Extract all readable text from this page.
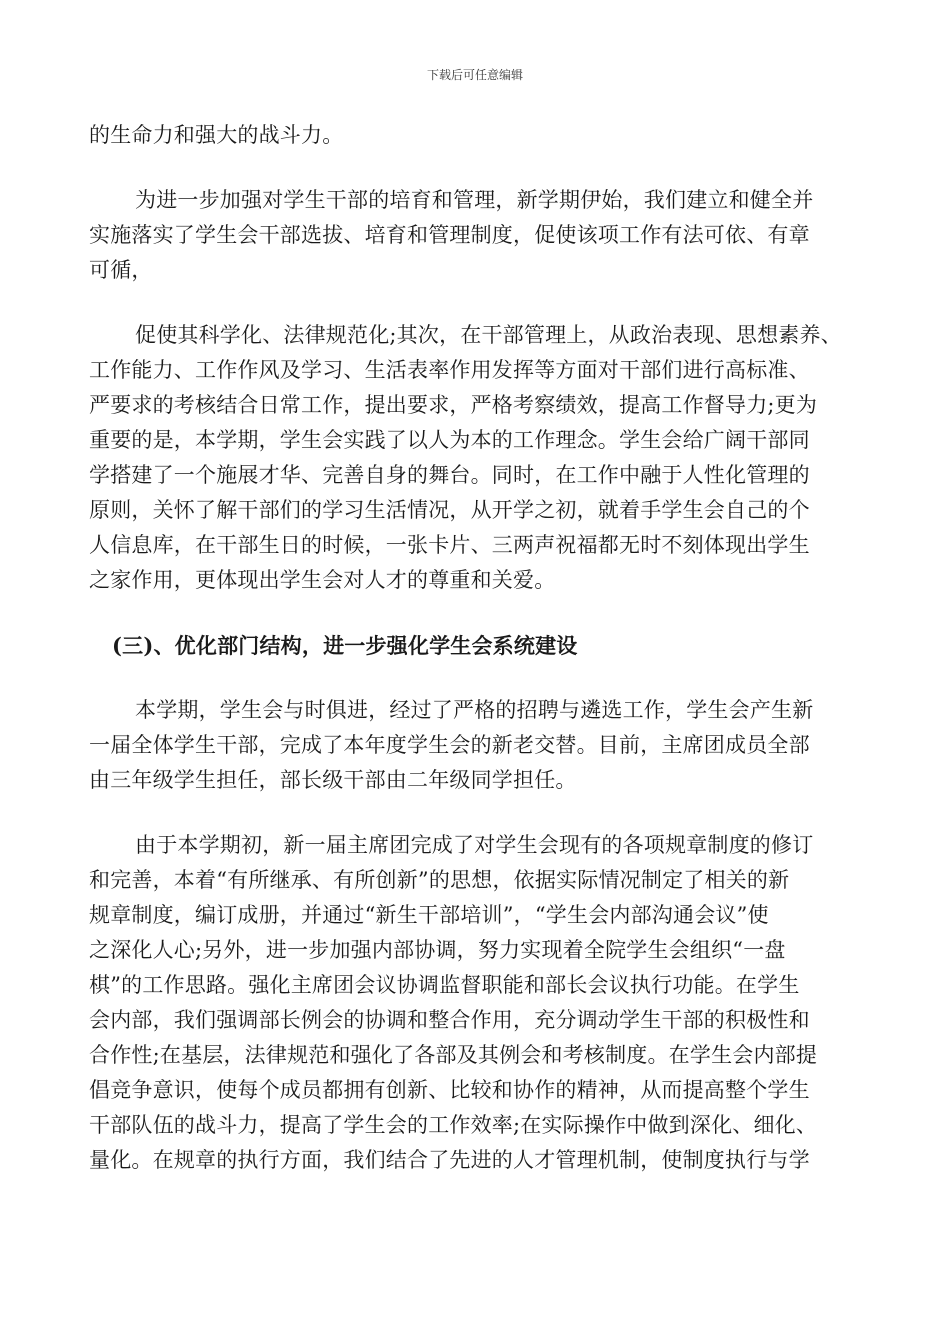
下载后可任意编辑
的生命力和强大的战斗力。
为进一步加强对学生干部的培育和管理，新学期伊始，我们建立和健全并
实施落实了学生会干部选拔、培育和管理制度，促使该项工作有法可依、有章
可循，
促使其科学化、法律规范化;其次，在干部管理上，从政治表现、思想素养、
工作能力、工作作风及学习、生活表率作用发挥等方面对干部们进行高标准、
严要求的考核结合日常工作，提出要求，严格考察绩效，提高工作督导力;更为
重要的是，本学期，学生会实践了以人为本的工作理念。学生会给广阔干部同
学搭建了一个施展才华、完善自身的舞台。同时，在工作中融于人性化管理的
原则，关怀了解干部们的学习生活情况，从开学之初，就着手学生会自己的个
人信息库，在干部生日的时候，一张卡片、三两声祝福都无时不刻体现出学生
之家作用，更体现出学生会对人才的尊重和关爱。
(三)、优化部门结构，进一步强化学生会系统建设
本学期，学生会与时俱进，经过了严格的招聘与遴选工作，学生会产生新
一届全体学生干部，完成了本年度学生会的新老交替。目前，主席团成员全部
由三年级学生担任，部长级干部由二年级同学担任。
由于本学期初，新一届主席团完成了对学生会现有的各项规章制度的修订
和完善，本着“有所继承、有所创新”的思想，依据实际情况制定了相关的新
规章制度，编订成册，并通过“新生干部培训”，“学生会内部沟通会议”使
之深化人心;另外，进一步加强内部协调，努力实现着全院学生会组织“一盘
棋”的工作思路。强化主席团会议协调监督职能和部长会议执行功能。在学生
会内部，我们强调部长例会的协调和整合作用，充分调动学生干部的积极性和
合作性;在基层，法律规范和强化了各部及其例会和考核制度。在学生会内部提
倡竞争意识，使每个成员都拥有创新、比较和协作的精神，从而提高整个学生
干部队伍的战斗力，提高了学生会的工作效率;在实际操作中做到深化、细化、
量化。在规章的执行方面，我们结合了先进的人才管理机制，使制度执行与学
